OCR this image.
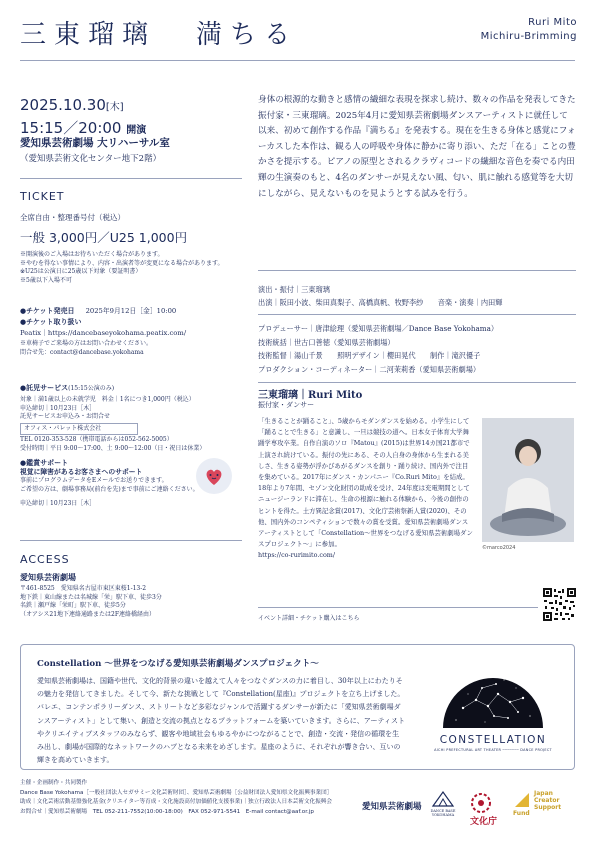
三東瑠璃 満ちる	Ruri Mito
Michiru-Brimming
2025.10.30[木]
15:15／20:00 開演
愛知県芸術劇場 大リハーサル室
（愛知県芸術文化センター地下2階）
TICKET
全席自由・整理番号付（税込）
一般 3,000円／U25 1,000円
※開演後のご入場はお待ちいただく場合があります。
※やむを得ない事情により、内容・出演者等が変更になる場合があります。
※U25は公演日に25歳以下対象（要証明書）
※5歳以下入場不可
●チケット発売日 2025年9月12日［金］10:00
●チケット取り扱い
Peatix｜https://dancebaseyokohama.peatix.com/
※車椅子でご来場の方はお問い合わせください。
問合せ先：contact@dancebase.yokohama
●託児サービス(15:15公演のみ)
対象｜満1歳以上の未就学児　料金｜1名につき1,000円（税込）
申込締切｜10月23日［木］
託児サービスお申込み・お問合せ
オフィス・パレット株式会社
TEL 0120-353-528（携帯電話からは052-562-5005）
受付時間｜平日 9:00～17:00、土 9:00～12:00（日・祝日は休業）
●鑑賞サポート
視覚に障害があるお客さまへのサポート
事前にプログラムデータをEメールでお送りできます。
ご希望の方は、劇場事務局(前台を先)まで事前にご連絡ください。
申込締切｜10月23日［木］
ACCESS
愛知県芸術劇場
〒461-8525　愛知県名古屋市東区東桜1-13-2
地下鉄｜東山線または名城線「栄」駅下車、徒歩3分
名鉄｜瀬戸線「栄町」駅下車、徒歩5分
（オアシス21地下連絡通路または2F連絡橋経由）
身体の根源的な動きと感情の繊細な表現を探求し続け、数々の作品を発表してきた振付家・三東瑠璃。2025年4月に愛知県芸術劇場ダンスアーティストに就任して以来、初めて創作する作品『満ちる』を発表する。現在を生きる身体と感覚にフォーカスした本作は、観る人の呼吸や身体に静かに寄り添い、ただ「在る」ことの豊かさを提示する。ピアノの原型とされるクラヴィコードの繊細な音色を奏でる内田輝の生演奏のもと、4名のダンサーが見えない風、匂い、肌に触れる感覚等を大切にしながら、見えないものを見ようとする試みを行う。
演出・振付｜三東瑠璃
出演｜阪田小波、柴田真梨子、高橋真帆、牧野李紗　　音楽・演奏｜内田輝
プロデューサー｜唐津絵理（愛知県芸術劇場／Dance Base Yokohama）
技術統括｜世古口善徳（愛知県芸術劇場）
技術監督｜湯山千景　　照明デザイン｜櫻田晃代　　制作｜滝沢優子
プロダクション・コーディネーター｜二河茉莉香（愛知県芸術劇場）
三東瑠璃｜Ruri Mito
振付家・ダンサー
「生きることが踊ること」、5歳からモダンダンスを始める。小学生にして「踊ることで生きる」と意識し、一旦は競技の道へ。日本女子体育大学舞踊学専攻卒業。自作自演のソロ『Matou』(2015)は世界14カ国21都市で上演され続けている。振付の先にある、その人自身の身体から生まれる美しさ、生きる姿勢が浮かびあがるダンスを創り・踊り続け、国内外で注目を集めている。2017年にダンス・カンパニー『Co.Ruri Mito』を結成。18年より7年間、セゾン文化財団の助成を受け、24年度は充電期間としてニュージーランドに滞在し、生命の根源に触れる体験から、今後の創作のヒントを得た。土方巽記念賞(2017)、文化庁芸術祭新人賞(2020)、その他、国内外のコンペティションで数々の賞を受賞。愛知県芸術劇場ダンスアーティストとして「Constellation〜世界をつなげる愛知県芸術劇場ダンスプロジェクト〜」に参加。
https://co-rurimito.com/
©marco2024
イベント詳細・チケット購入はこちら
Constellation 〜世界をつなげる愛知県芸術劇場ダンスプロジェクト〜
愛知県芸術劇場は、国籍や世代、文化的背景の違いを越えて人々をつなぐダンスの力に着目し、30年以上にわたりその魅力を発信してきました。そして今、新たな挑戦として『Constellation(星座)』プロジェクトを立ち上げました。バレエ、コンテンポラリーダンス、ストリートなど多彩なジャンルで活躍するダンサーが新たに「愛知県芸術劇場ダンスアーティスト」として集い、創造と交流の拠点となるプラットフォームを築いていきます。さらに、アーティストやクリエイティブスタッフのみならず、観客や地域社会もゆるやかにつながることで、創造・交流・発信の循環を生み出し、劇場が国際的なネットワークのハブとなる未来をめざします。星座のように、それぞれが響き合い、互いの輝きを高めていきます。
CONSTELLATION
AICHI PREFECTURAL ART THEATER ─────── DANCE PROJECT
主催・企画制作・共同製作
Dance Base Yokohama［一般社団法人セガサミー文化芸術財団］、愛知県芸術劇場［公益財団法人愛知県文化振興事業団］
助成｜文化芸術活動基盤強化基金(クリエイター等育成・文化施設高付加価値化支援事業)｜独立行政法人日本芸術文化振興会
お問合せ｜愛知県芸術劇場　TEL 052-211-7552(10:00-18:00)　FAX 052-971-5541　E-mail contact@aaf.or.jp	愛知県芸術劇場	DANCE BASE YOKOHAMA
文化庁
Japan Creator Support Fund
